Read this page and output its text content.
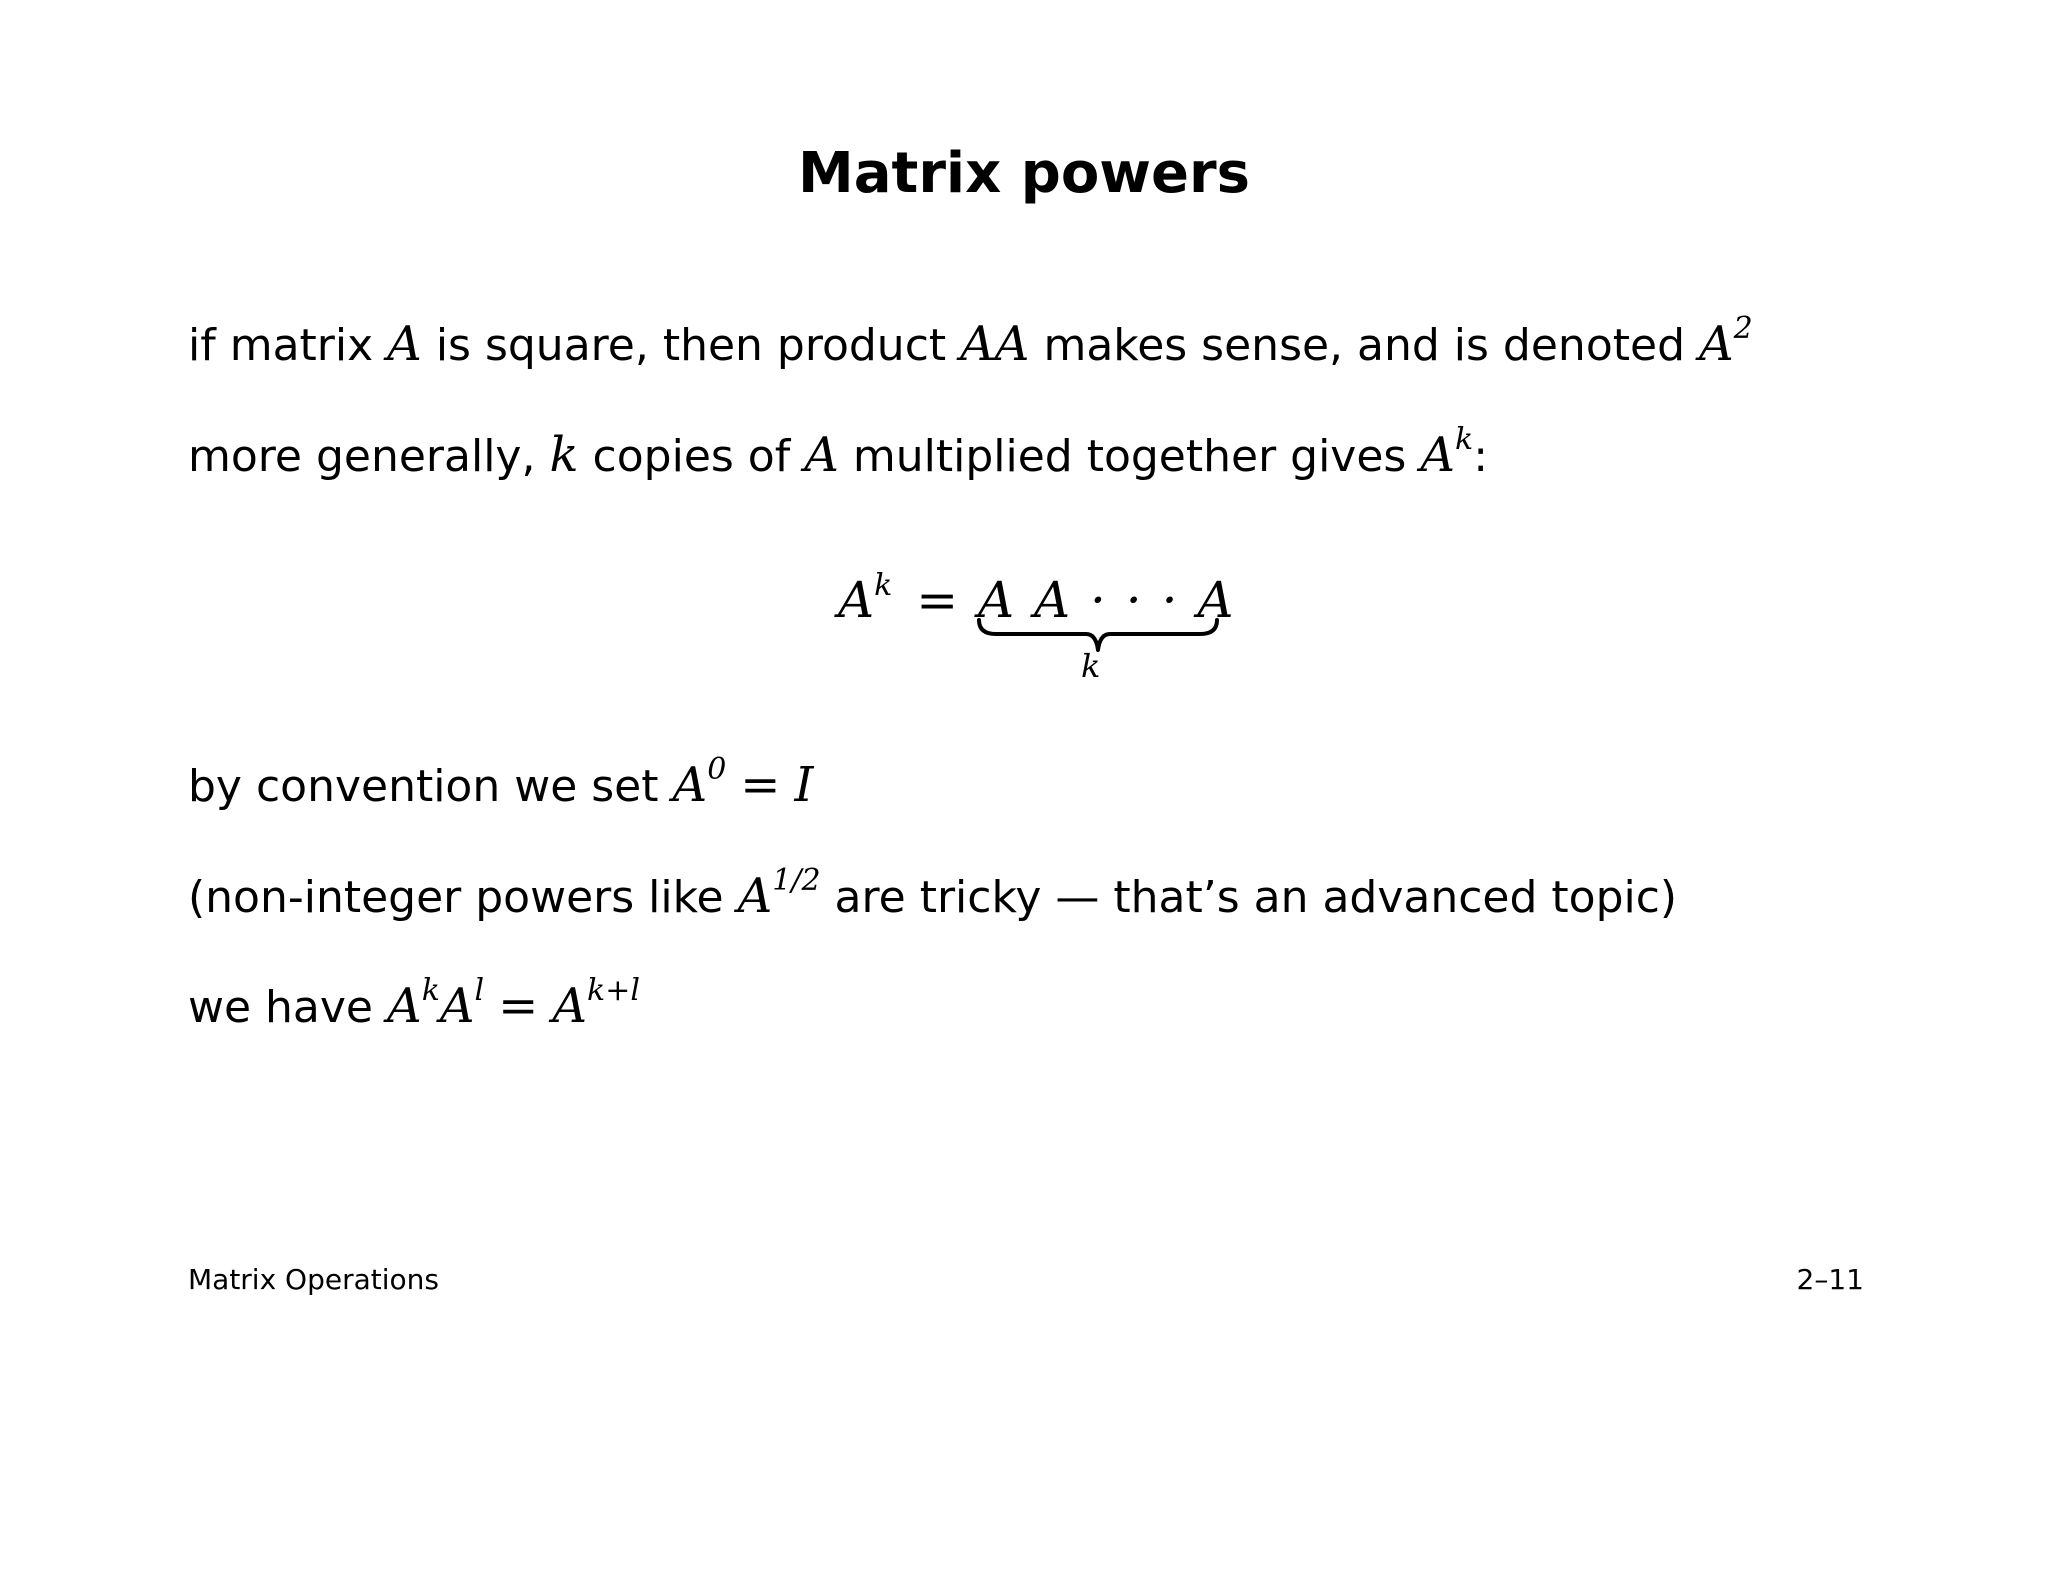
Matrix powers
if matrix A is square, then product AA makes sense, and is denoted $A^2$
more generally, k copies of A multiplied together gives $A^k$:
$A^k = A$ A · · · A
k
by convention we set $A^0 = I$
(non-integer powers like $A^{1/2}$ are tricky — that’s an advanced topic)
we have $A^kA^l = A^{k+l}$
Matrix Operations	2–11
